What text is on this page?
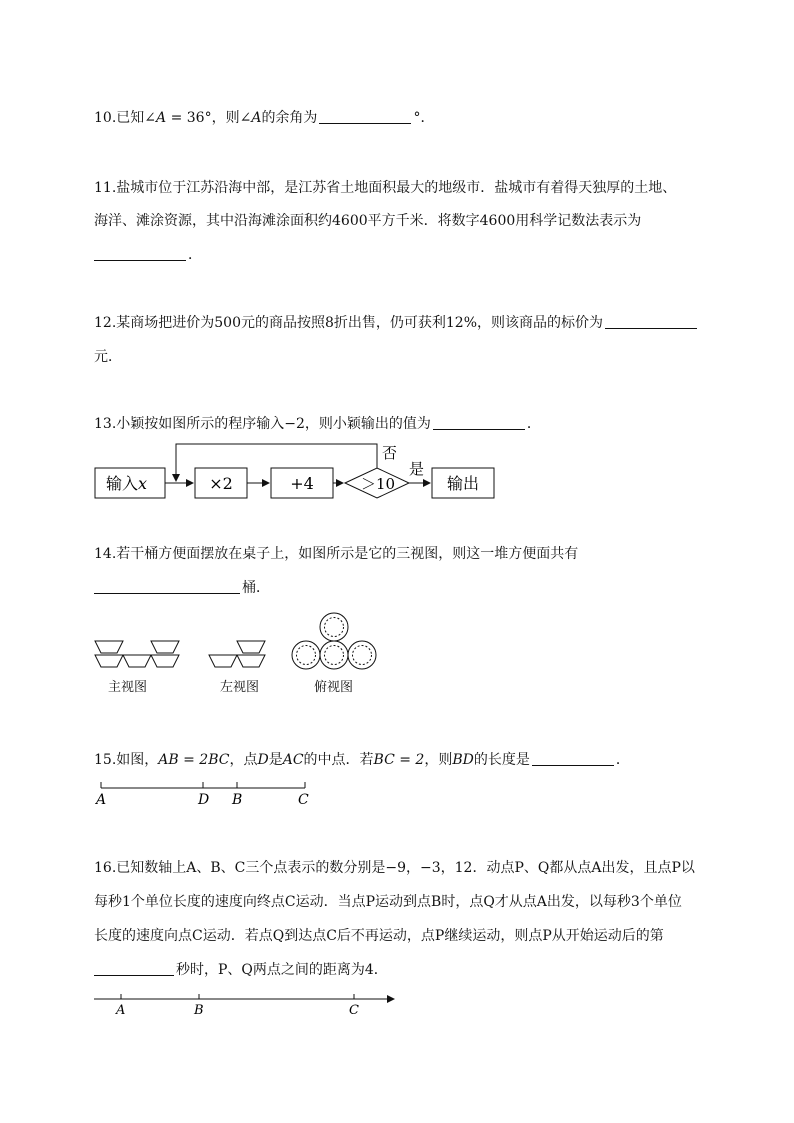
10.已知∠A = 36°，则∠A的余角为	°．
11.盐城市位于江苏沿海中部，是江苏省土地面积最大的地级市．盐城市有着得天独厚的土地、
海洋、滩涂资源，其中沿海滩涂面积约4600平方千米．将数字4600用科学记数法表示为
．
12.某商场把进价为500元的商品按照8折出售，仍可获利12%，则该商品的标价为
元．
13.小颖按如图所示的程序输入−2，则小颖输出的值为	．
输入x	×2	+4	＞10	输出
否
是
A	D B	C
A	B	C
14.若干桶方便面摆放在桌子上，如图所示是它的三视图，则这一堆方便面共有
桶．
主视图	左视图	俯视图
15.如图，AB = 2BC，点D是AC的中点．若BC = 2，则BD的长度是	．
16.已知数轴上A、B、C三个点表示的数分别是−9，−3，12．动点P、Q都从点A出发，且点P以
每秒1个单位长度的速度向终点C运动．当点P运动到点B时，点Q才从点A出发，以每秒3个单位
长度的速度向点C运动．若点Q到达点C后不再运动，点P继续运动，则点P从开始运动后的第
秒时，P、Q两点之间的距离为4．
